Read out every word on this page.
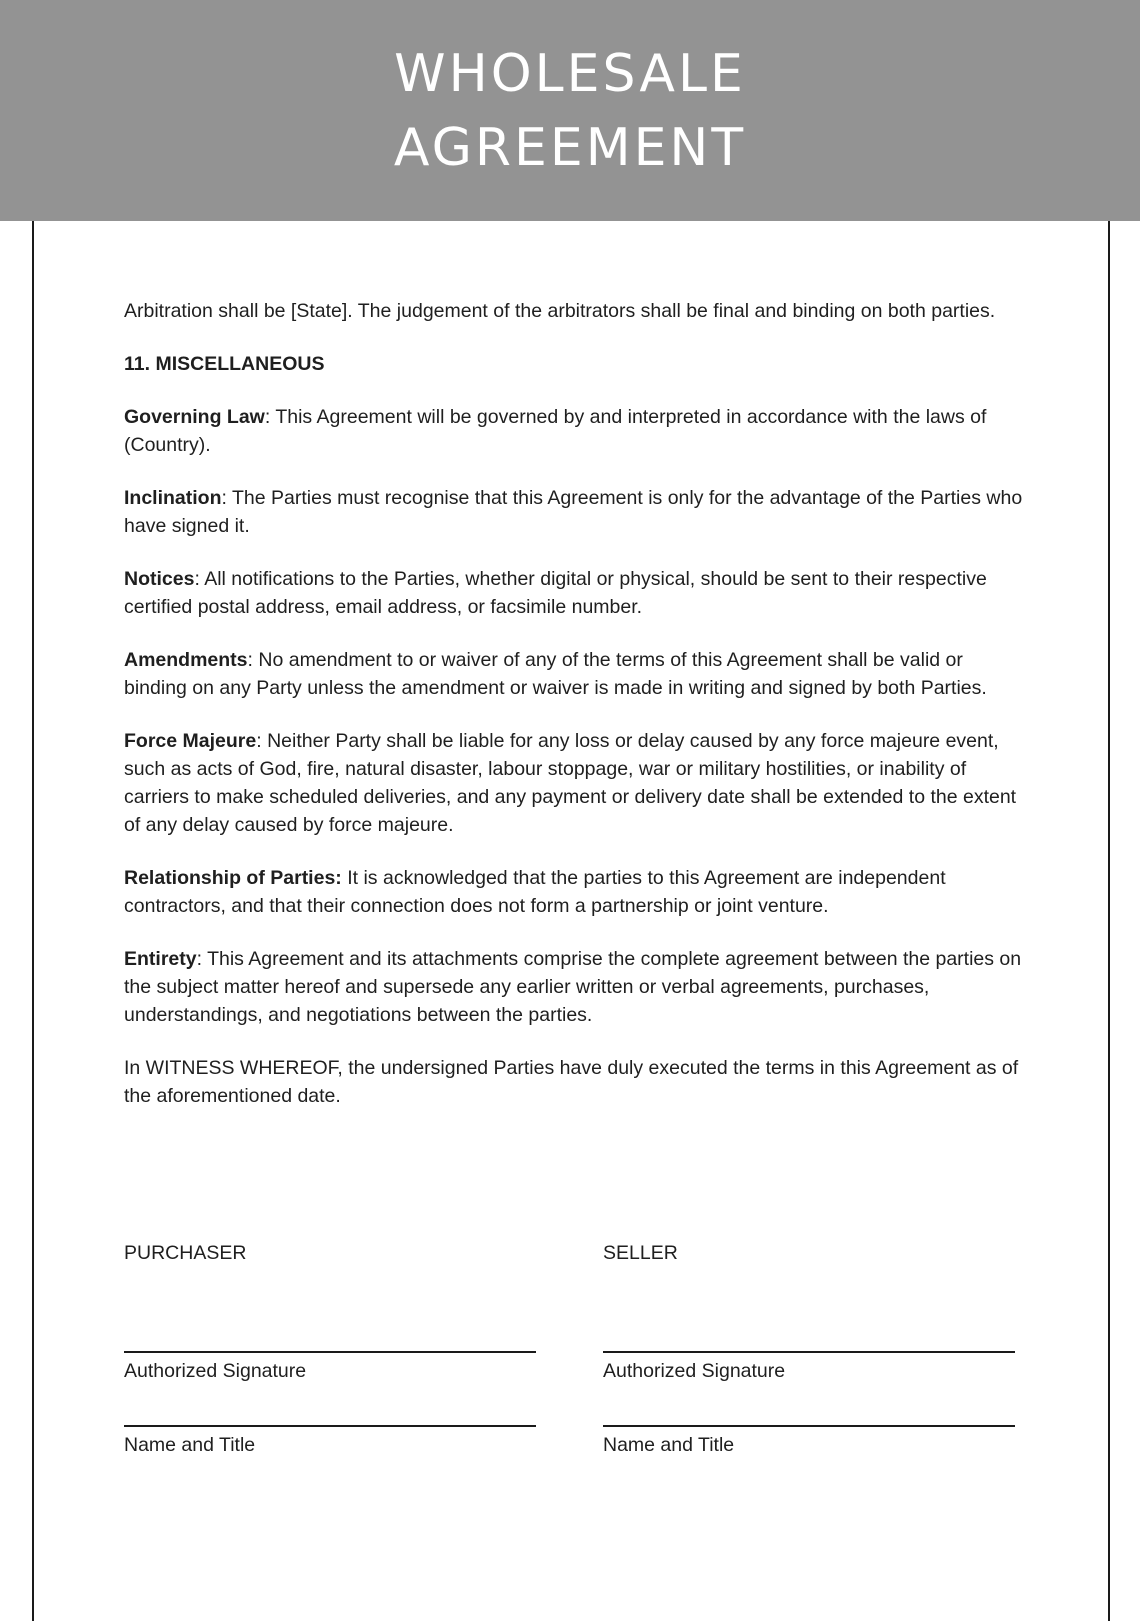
WHOLESALE
AGREEMENT

Arbitration shall be [State]. The judgement of the arbitrators shall be final and binding on both parties.

11. MISCELLANEOUS

Governing Law: This Agreement will be governed by and interpreted in accordance with the laws of (Country).

Inclination: The Parties must recognise that this Agreement is only for the advantage of the Parties who have signed it.

Notices: All notifications to the Parties, whether digital or physical, should be sent to their respective certified postal address, email address, or facsimile number.

Amendments: No amendment to or waiver of any of the terms of this Agreement shall be valid or binding on any Party unless the amendment or waiver is made in writing and signed by both Parties.

Force Majeure: Neither Party shall be liable for any loss or delay caused by any force majeure event, such as acts of God, fire, natural disaster, labour stoppage, war or military hostilities, or inability of carriers to make scheduled deliveries, and any payment or delivery date shall be extended to the extent of any delay caused by force majeure.

Relationship of Parties: It is acknowledged that the parties to this Agreement are independent contractors, and that their connection does not form a partnership or joint venture.

Entirety: This Agreement and its attachments comprise the complete agreement between the parties on the subject matter hereof and supersede any earlier written or verbal agreements, purchases, understandings, and negotiations between the parties.

In WITNESS WHEREOF, the undersigned Parties have duly executed the terms in this Agreement as of the aforementioned date.

PURCHASER
Authorized Signature
Name and Title
SELLER
Authorized Signature
Name and Title
